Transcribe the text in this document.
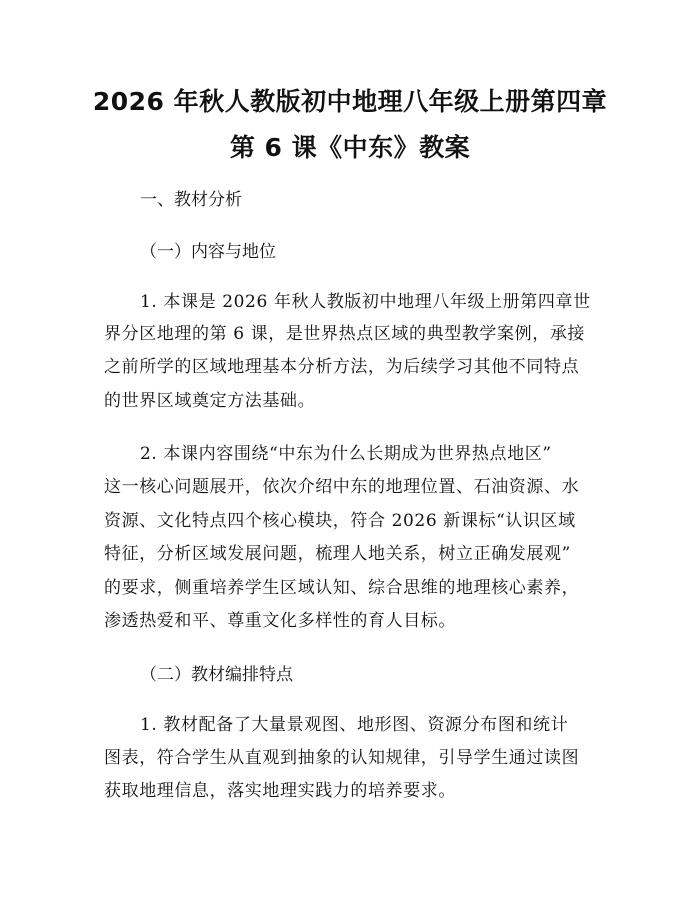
2026 年秋人教版初中地理八年级上册第四章
第 6 课《中东》教案
一、教材分析
（一）内容与地位
1. 本课是 2026 年秋人教版初中地理八年级上册第四章世
界分区地理的第 6 课，是世界热点区域的典型教学案例，承接
之前所学的区域地理基本分析方法，为后续学习其他不同特点
的世界区域奠定方法基础。
2. 本课内容围绕“中东为什么长期成为世界热点地区”
这一核心问题展开，依次介绍中东的地理位置、石油资源、水
资源、文化特点四个核心模块，符合 2026 新课标“认识区域
特征，分析区域发展问题，梳理人地关系，树立正确发展观”
的要求，侧重培养学生区域认知、综合思维的地理核心素养，
渗透热爱和平、尊重文化多样性的育人目标。
（二）教材编排特点
1. 教材配备了大量景观图、地形图、资源分布图和统计
图表，符合学生从直观到抽象的认知规律，引导学生通过读图
获取地理信息，落实地理实践力的培养要求。
